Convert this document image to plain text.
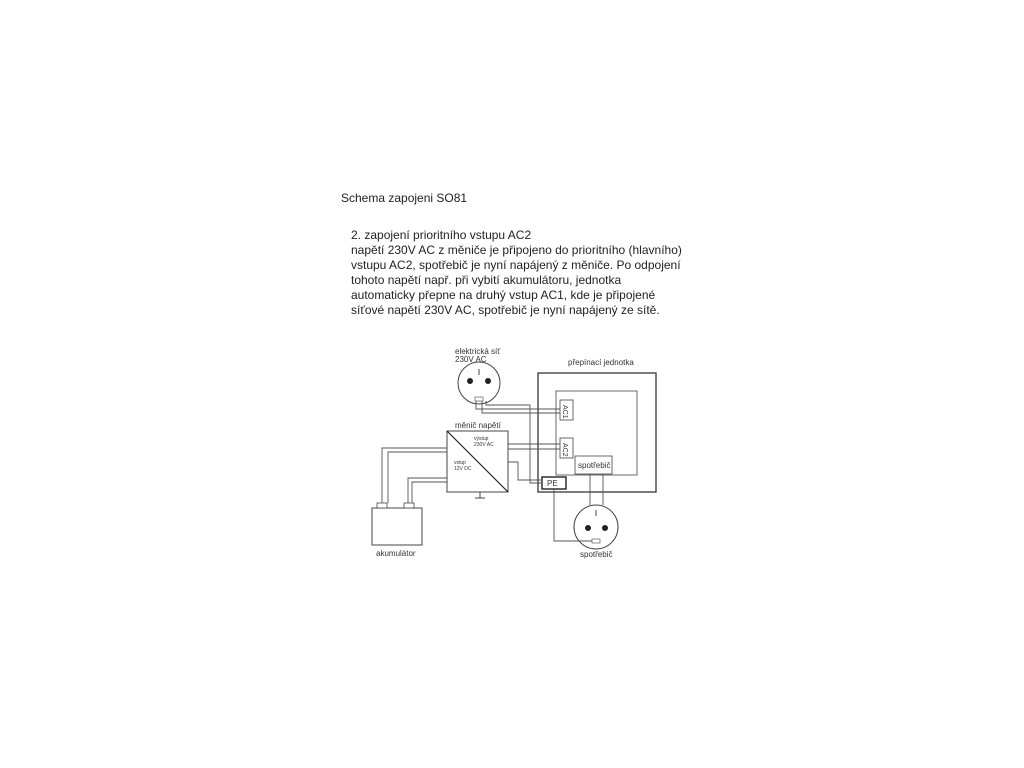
Schema zapojeni SO81
2. zapojení prioritního vstupu AC2
napětí 230V AC z měniče je připojeno do prioritního (hlavního)
vstupu AC2, spotřebič je nyní napájený z měniče. Po odpojení
tohoto napětí např. při vybití akumulátoru, jednotka
automaticky přepne na druhý vstup AC1, kde je připojené
síťové napětí 230V AC, spotřebič je nyní napájený ze sítě.
elektrická síť
230V AC	přepínací jednotka
AC1
AC2
spotřebič
PE
měnič napětí
výstup
230V AC
vstup
12V DC
akumulátor	spotřebič
